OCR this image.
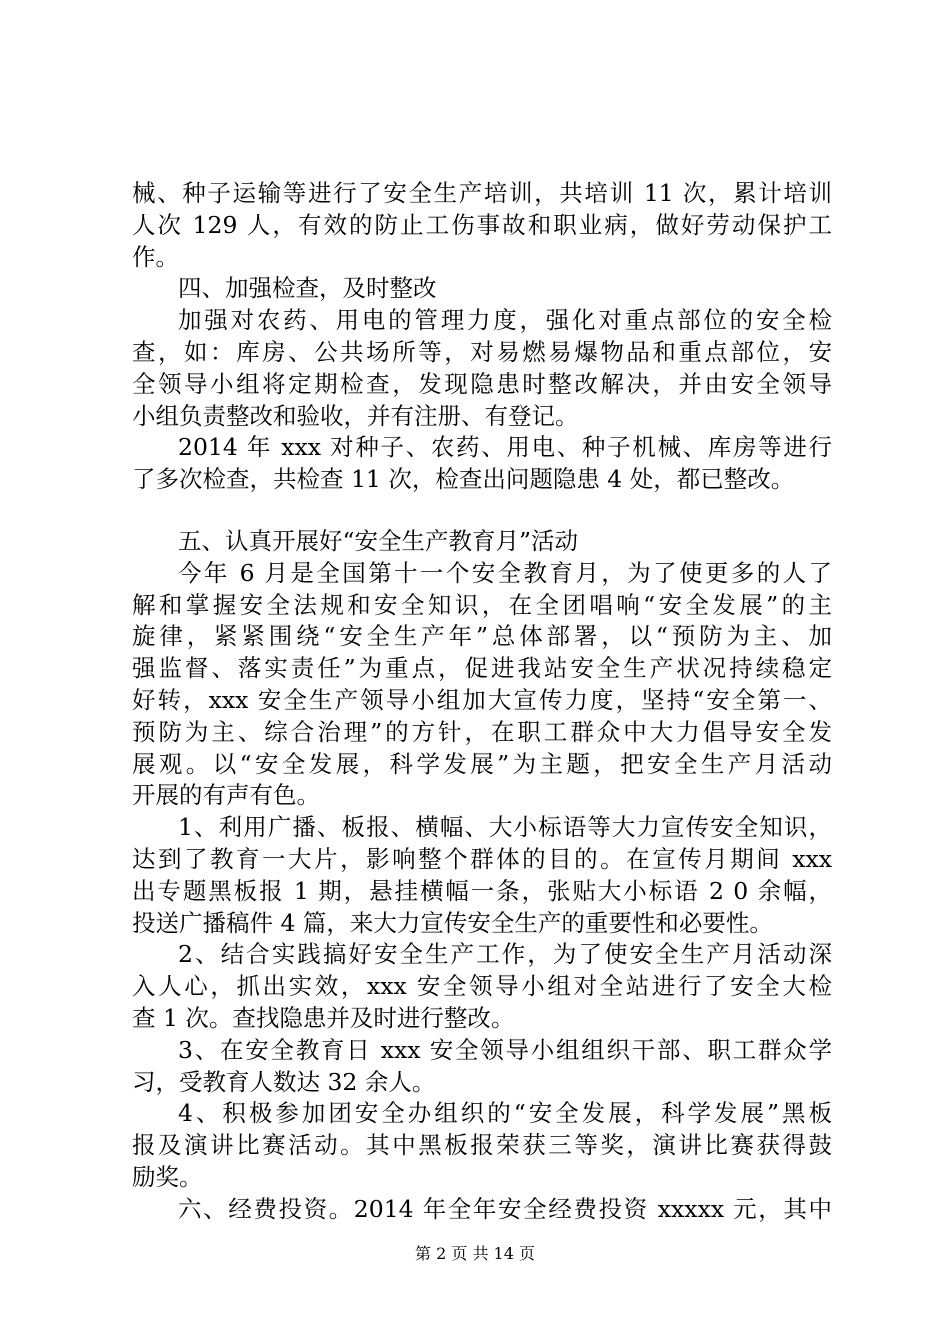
械、种子运输等进行了安全生产培训，共培训 11 次，累计培训
人次 129 人，有效的防止工伤事故和职业病，做好劳动保护工
作。
四、加强检查，及时整改
加强对农药、用电的管理力度，强化对重点部位的安全检
查，如：库房、公共场所等，对易燃易爆物品和重点部位，安
全领导小组将定期检查，发现隐患时整改解决，并由安全领导
小组负责整改和验收，并有注册、有登记。
2014 年 xxx 对种子、农药、用电、种子机械、库房等进行
了多次检查，共检查 11 次，检查出问题隐患 4 处，都已整改。
五、认真开展好“安全生产教育月”活动
今年 6 月是全国第十一个安全教育月，为了使更多的人了
解和掌握安全法规和安全知识，在全团唱响“安全发展”的主
旋律，紧紧围绕“安全生产年”总体部署，以“预防为主、加
强监督、落实责任”为重点，促进我站安全生产状况持续稳定
好转，xxx 安全生产领导小组加大宣传力度，坚持“安全第一、
预防为主、综合治理”的方针，在职工群众中大力倡导安全发
展观。以“安全发展，科学发展”为主题，把安全生产月活动
开展的有声有色。
1、利用广播、板报、横幅、大小标语等大力宣传安全知识，
达到了教育一大片，影响整个群体的目的。在宣传月期间 xxx
出专题黑板报 1 期，悬挂横幅一条，张贴大小标语 2 0 余幅，
投送广播稿件 4 篇，来大力宣传安全生产的重要性和必要性。
2、结合实践搞好安全生产工作，为了使安全生产月活动深
入人心，抓出实效，xxx 安全领导小组对全站进行了安全大检
查 1 次。查找隐患并及时进行整改。
3、在安全教育日 xxx 安全领导小组组织干部、职工群众学
习，受教育人数达 32 余人。
4、积极参加团安全办组织的“安全发展，科学发展”黑板
报及演讲比赛活动。其中黑板报荣获三等奖，演讲比赛获得鼓
励奖。
六、经费投资。2014 年全年安全经费投资 xxxxx 元，其中
第 2 页 共 14 页
